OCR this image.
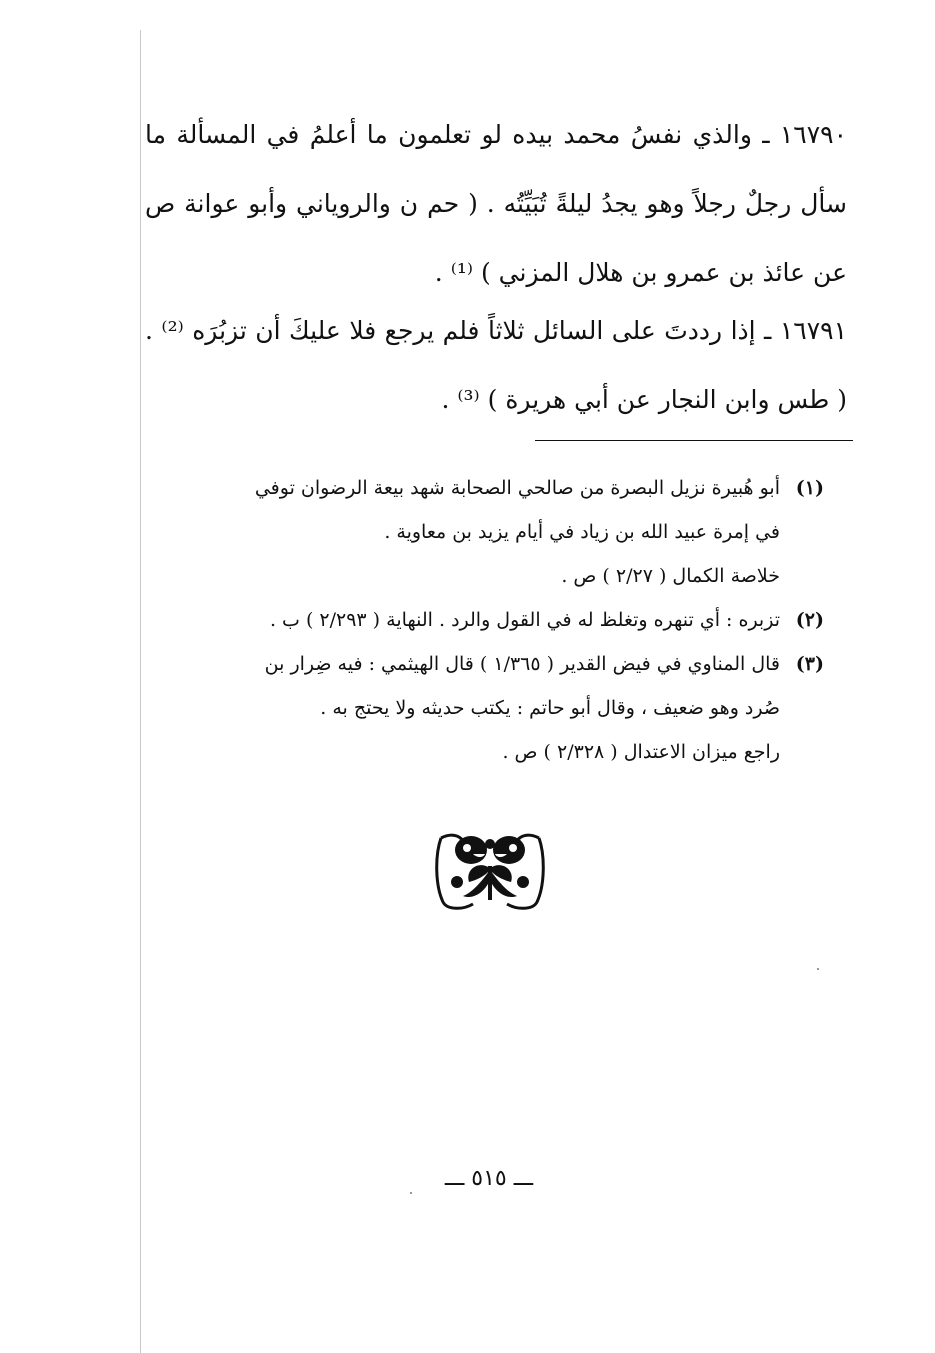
١٦٧٩٠ ـ والذي نفسُ محمد بيده لو تعلمون ما أعلمُ في المسألة ما سأل رجلٌ رجلاً وهو يجدُ ليلةً تُبَيِّتُه . ( حم ن والروياني وأبو عوانة ص عن عائذ بن عمرو بن هلال المزني ) ⁽¹⁾ .

١٦٧٩١ ـ إذا رددتَ على السائل ثلاثاً فلم يرجع فلا عليكَ أن تزبُرَه ⁽²⁾ . ( طس وابن النجار عن أبي هريرة ) ⁽³⁾ .

(١)
أبو هُبيرة نزيل البصرة من صالحي الصحابة شهد بيعة الرضوان توفي
في إمرة عبيد الله بن زياد في أيام يزيد بن معاوية .
خلاصة الكمال ( ٢/٢٧ ) ص .
(٢)
تزبره : أي تنهره وتغلظ له في القول والرد . النهاية ( ٢/٢٩٣ ) ب .
(٣)
قال المناوي في فيض القدير ( ١/٣٦٥ ) قال الهيثمي : فيه ضِرار بن
صُرد وهو ضعيف ، وقال أبو حاتم : يكتب حديثه ولا يحتج به .
راجع ميزان الاعتدال ( ٢/٣٢٨ ) ص .
ـــ ٥١٥ ـــ
